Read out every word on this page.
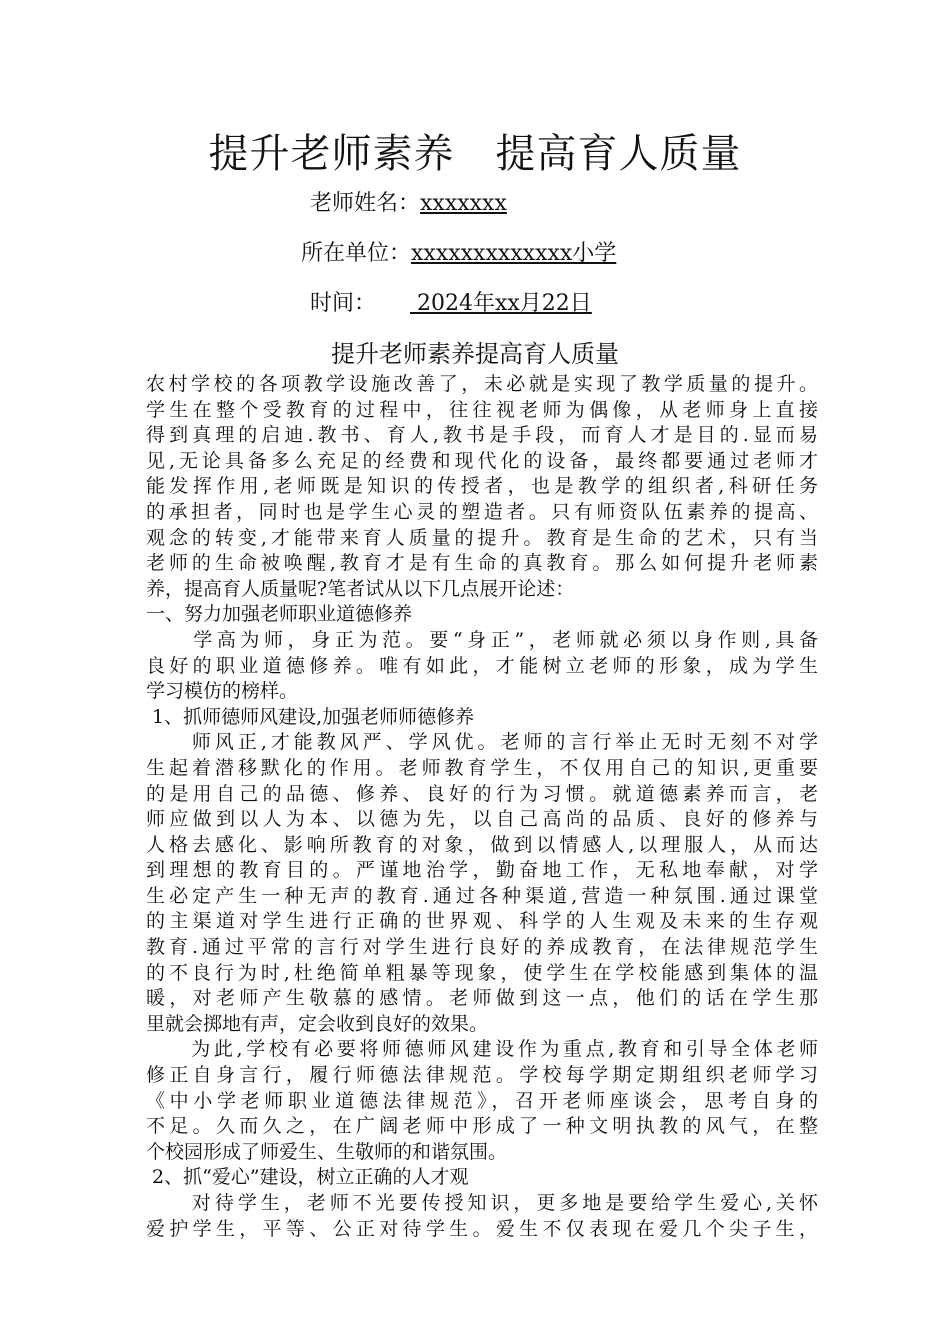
提升老师素养　提高育人质量
老师姓名：xxxxxxx
所在单位：xxxxxxxxxxxxx小学
时间： 2024年xx月22日
提升老师素养提高育人质量
农村学校的各项教学设施改善了，未必就是实现了教学质量的提升。
学生在整个受教育的过程中，往往视老师为偶像，从老师身上直接
得到真理的启迪.教书、育人,教书是手段，而育人才是目的.显而易
见,无论具备多么充足的经费和现代化的设备，最终都要通过老师才
能发挥作用,老师既是知识的传授者，也是教学的组织者,科研任务
的承担者，同时也是学生心灵的塑造者。只有师资队伍素养的提高、
观念的转变,才能带来育人质量的提升。教育是生命的艺术，只有当
老师的生命被唤醒,教育才是有生命的真教育。那么如何提升老师素
养，提高育人质量呢?笔者试从以下几点展开论述：
一、努力加强老师职业道德修养
　　学高为师，身正为范。要“身正”，老师就必须以身作则,具备
良好的职业道德修养。唯有如此，才能树立老师的形象，成为学生
学习模仿的榜样。
1、抓师德师风建设,加强老师师德修养
　　师风正,才能教风严、学风优。老师的言行举止无时无刻不对学
生起着潜移默化的作用。老师教育学生，不仅用自己的知识,更重要
的是用自己的品德、修养、良好的行为习惯。就道德素养而言，老
师应做到以人为本、以德为先，以自己高尚的品质、良好的修养与
人格去感化、影响所教育的对象，做到以情感人,以理服人，从而达
到理想的教育目的。严谨地治学，勤奋地工作，无私地奉献，对学
生必定产生一种无声的教育.通过各种渠道,营造一种氛围.通过课堂
的主渠道对学生进行正确的世界观、科学的人生观及未来的生存观
教育.通过平常的言行对学生进行良好的养成教育，在法律规范学生
的不良行为时,杜绝简单粗暴等现象，使学生在学校能感到集体的温
暖，对老师产生敬慕的感情。老师做到这一点，他们的话在学生那
里就会掷地有声，定会收到良好的效果。
　　为此,学校有必要将师德师风建设作为重点,教育和引导全体老师
修正自身言行，履行师德法律规范。学校每学期定期组织老师学习
《中小学老师职业道德法律规范》，召开老师座谈会，思考自身的
不足。久而久之，在广阔老师中形成了一种文明执教的风气，在整
个校园形成了师爱生、生敬师的和谐氛围。
2、抓“爱心”建设，树立正确的人才观
　　对待学生，老师不光要传授知识，更多地是要给学生爱心,关怀
爱护学生，平等、公正对待学生。爱生不仅表现在爱几个尖子生，
